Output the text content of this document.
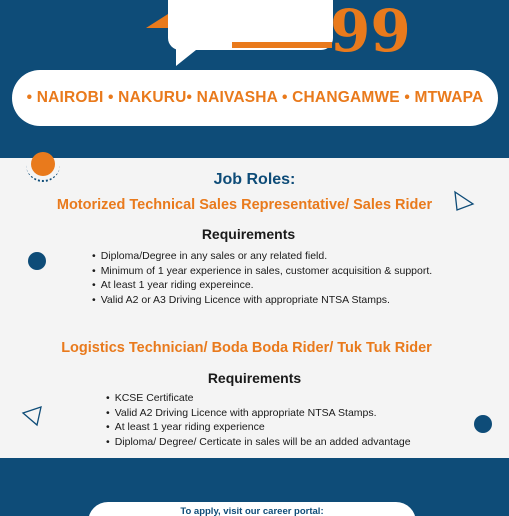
99
• NAIROBI • NAKURU• NAIVASHA • CHANGAMWE • MTWAPA
Job Roles:
Motorized Technical Sales Representative/ Sales Rider
Requirements
• Diploma/Degree in any sales or any related field.
• Minimum of 1 year experience in sales, customer acquisition & support.
• At least 1 year riding expereince.
• Valid A2 or A3 Driving Licence with appropriate NTSA Stamps.
Logistics Technician/ Boda Boda Rider/ Tuk Tuk Rider
Requirements
• KCSE Certificate
• Valid A2 Driving Licence with appropriate NTSA Stamps.
• At least 1 year riding experience
• Diploma/ Degree/ Certicate in sales will be an added advantage
To apply, visit our career portal:
